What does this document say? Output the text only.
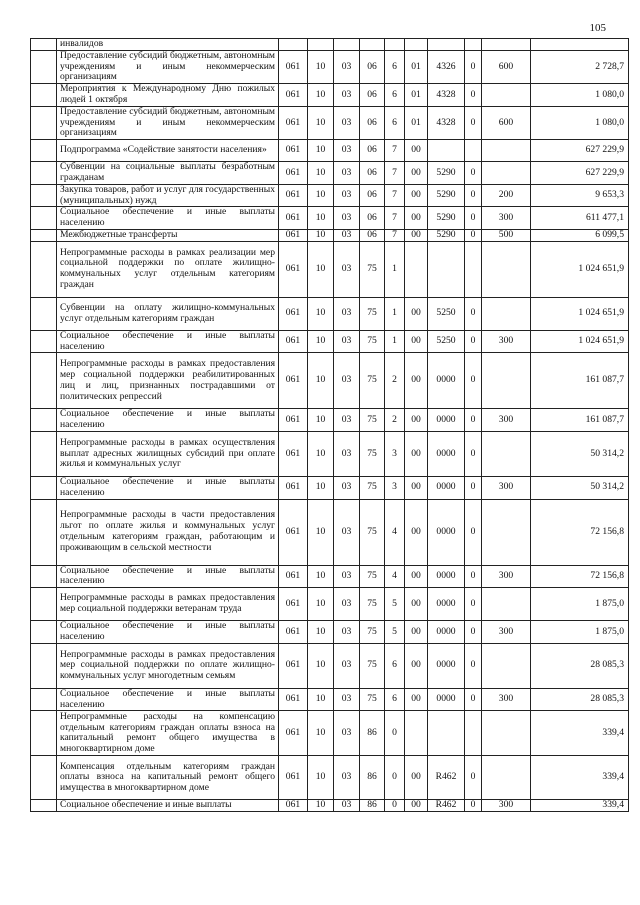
105
	инвалидов										
	Предоставление субсидий бюджетным, автономным учреждениям и иным некоммерческим организациям	061	10	03	06	6	01	4326	0	600	2 728,7
	Мероприятия к Международному Дню пожилых людей 1 октября	061	10	03	06	6	01	4328	0		1 080,0
	Предоставление субсидий бюджетным, автономным учреждениям и иным некоммерческим организациям	061	10	03	06	6	01	4328	0	600	1 080,0
	Подпрограмма «Содействие занятости населения»	061	10	03	06	7	00				627 229,9
	Субвенции на социальные выплаты безработным гражданам	061	10	03	06	7	00	5290	0		627 229,9
	Закупка товаров, работ и услуг для государственных (муниципальных) нужд	061	10	03	06	7	00	5290	0	200	9 653,3
	Социальное обеспечение и иные выплаты населению	061	10	03	06	7	00	5290	0	300	611 477,1
	Межбюджетные трансферты	061	10	03	06	7	00	5290	0	500	6 099,5
	Непрограммные расходы в рамках реализации мер социальной поддержки по оплате жилищно-коммунальных услуг отдельным категориям граждан	061	10	03	75	1					1 024 651,9
	Субвенции на оплату жилищно-коммунальных услуг отдельным категориям граждан	061	10	03	75	1	00	5250	0		1 024 651,9
	Социальное обеспечение и иные выплаты населению	061	10	03	75	1	00	5250	0	300	1 024 651,9
	Непрограммные расходы в рамках предоставления мер социальной поддержки реабилитированных лиц и лиц, признанных пострадавшими от политических репрессий	061	10	03	75	2	00	0000	0		161 087,7
	Социальное обеспечение и иные выплаты населению	061	10	03	75	2	00	0000	0	300	161 087,7
	Непрограммные расходы в рамках осуществления выплат адресных жилищных субсидий при оплате жилья и коммунальных услуг	061	10	03	75	3	00	0000	0		50 314,2
	Социальное обеспечение и иные выплаты населению	061	10	03	75	3	00	0000	0	300	50 314,2
	Непрограммные расходы в части предоставления льгот по оплате жилья и коммунальных услуг отдельным категориям граждан, работающим и проживающим в сельской местности	061	10	03	75	4	00	0000	0		72 156,8
	Социальное обеспечение и иные выплаты населению	061	10	03	75	4	00	0000	0	300	72 156,8
	Непрограммные расходы в рамках предоставления мер социальной поддержки ветеранам труда	061	10	03	75	5	00	0000	0		1 875,0
	Социальное обеспечение и иные выплаты населению	061	10	03	75	5	00	0000	0	300	1 875,0
	Непрограммные расходы в рамках предоставления мер социальной поддержки по оплате жилищно-коммунальных услуг многодетным семьям	061	10	03	75	6	00	0000	0		28 085,3
	Социальное обеспечение и иные выплаты населению	061	10	03	75	6	00	0000	0	300	28 085,3
	Непрограммные расходы на компенсацию отдельным категориям граждан оплаты взноса на капитальный ремонт общего имущества в многоквартирном доме	061	10	03	86	0					339,4
	Компенсация отдельным категориям граждан оплаты взноса на капитальный ремонт общего имущества в многоквартирном доме	061	10	03	86	0	00	R462	0		339,4
	Социальное обеспечение и иные выплаты	061	10	03	86	0	00	R462	0	300	339,4
